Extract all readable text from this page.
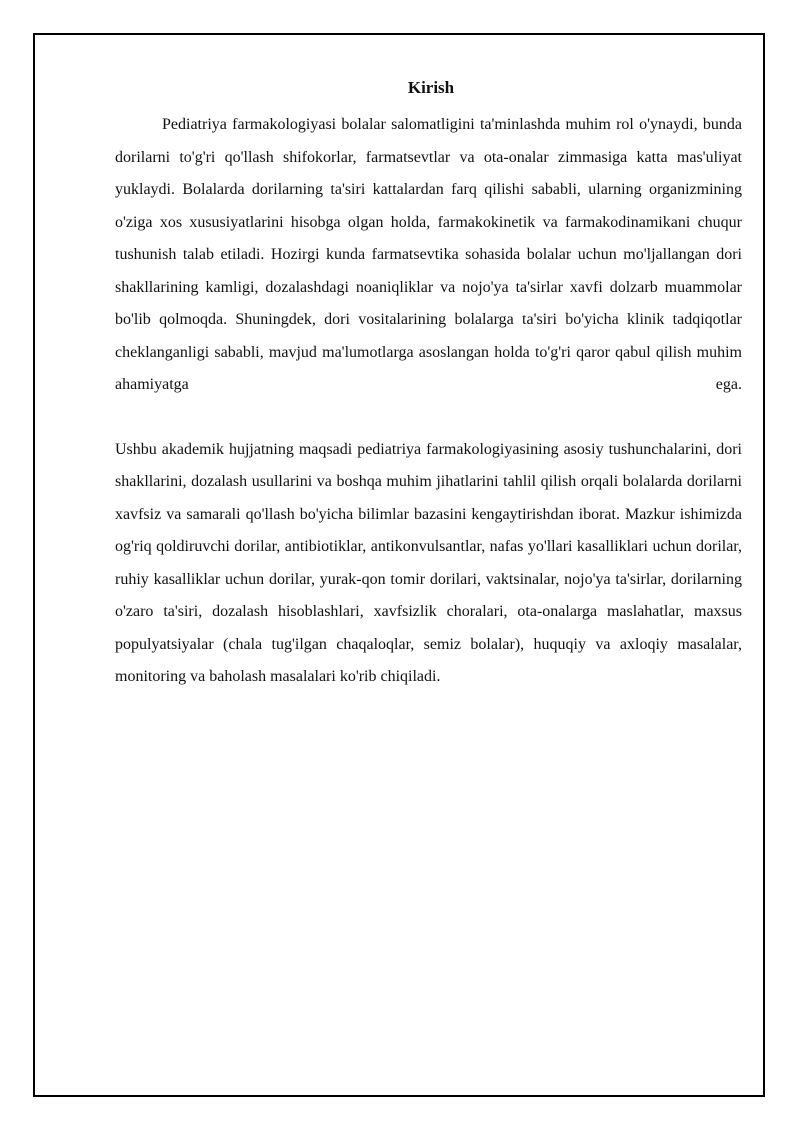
Kirish

Pediatriya farmakologiyasi bolalar salomatligini ta'minlashda muhim rol o'ynaydi, bunda dorilarni to'g'ri qo'llash shifokorlar, farmatsevtlar va ota-onalar zimmasiga katta mas'uliyat yuklaydi. Bolalarda dorilarning ta'siri kattalardan farq qilishi sababli, ularning organizmining o'ziga xos xususiyatlarini hisobga olgan holda, farmakokinetik va farmakodinamikani chuqur tushunish talab etiladi. Hozirgi kunda farmatsevtika sohasida bolalar uchun mo'ljallangan dori shakllarining kamligi, dozalashdagi noaniqliklar va nojo'ya ta'sirlar xavfi dolzarb muammolar bo'lib qolmoqda. Shuningdek, dori vositalarining bolalarga ta'siri bo'yicha klinik tadqiqotlar cheklanganligi sababli, mavjud ma'lumotlarga asoslangan holda to'g'ri qaror qabul qilish muhim ahamiyatga ega.

Ushbu akademik hujjatning maqsadi pediatriya farmakologiyasining asosiy tushunchalarini, dori shakllarini, dozalash usullarini va boshqa muhim jihatlarini tahlil qilish orqali bolalarda dorilarni xavfsiz va samarali qo'llash bo'yicha bilimlar bazasini kengaytirishdan iborat. Mazkur ishimizda og'riq qoldiruvchi dorilar, antibiotiklar, antikonvulsantlar, nafas yo'llari kasalliklari uchun dorilar, ruhiy kasalliklar uchun dorilar, yurak-qon tomir dorilari, vaktsinalar, nojo'ya ta'sirlar, dorilarning o'zaro ta'siri, dozalash hisoblashlari, xavfsizlik choralari, ota-onalarga maslahatlar, maxsus populyatsiyalar (chala tug'ilgan chaqaloqlar, semiz bolalar), huquqiy va axloqiy masalalar, monitoring va baholash masalalari ko'rib chiqiladi.
